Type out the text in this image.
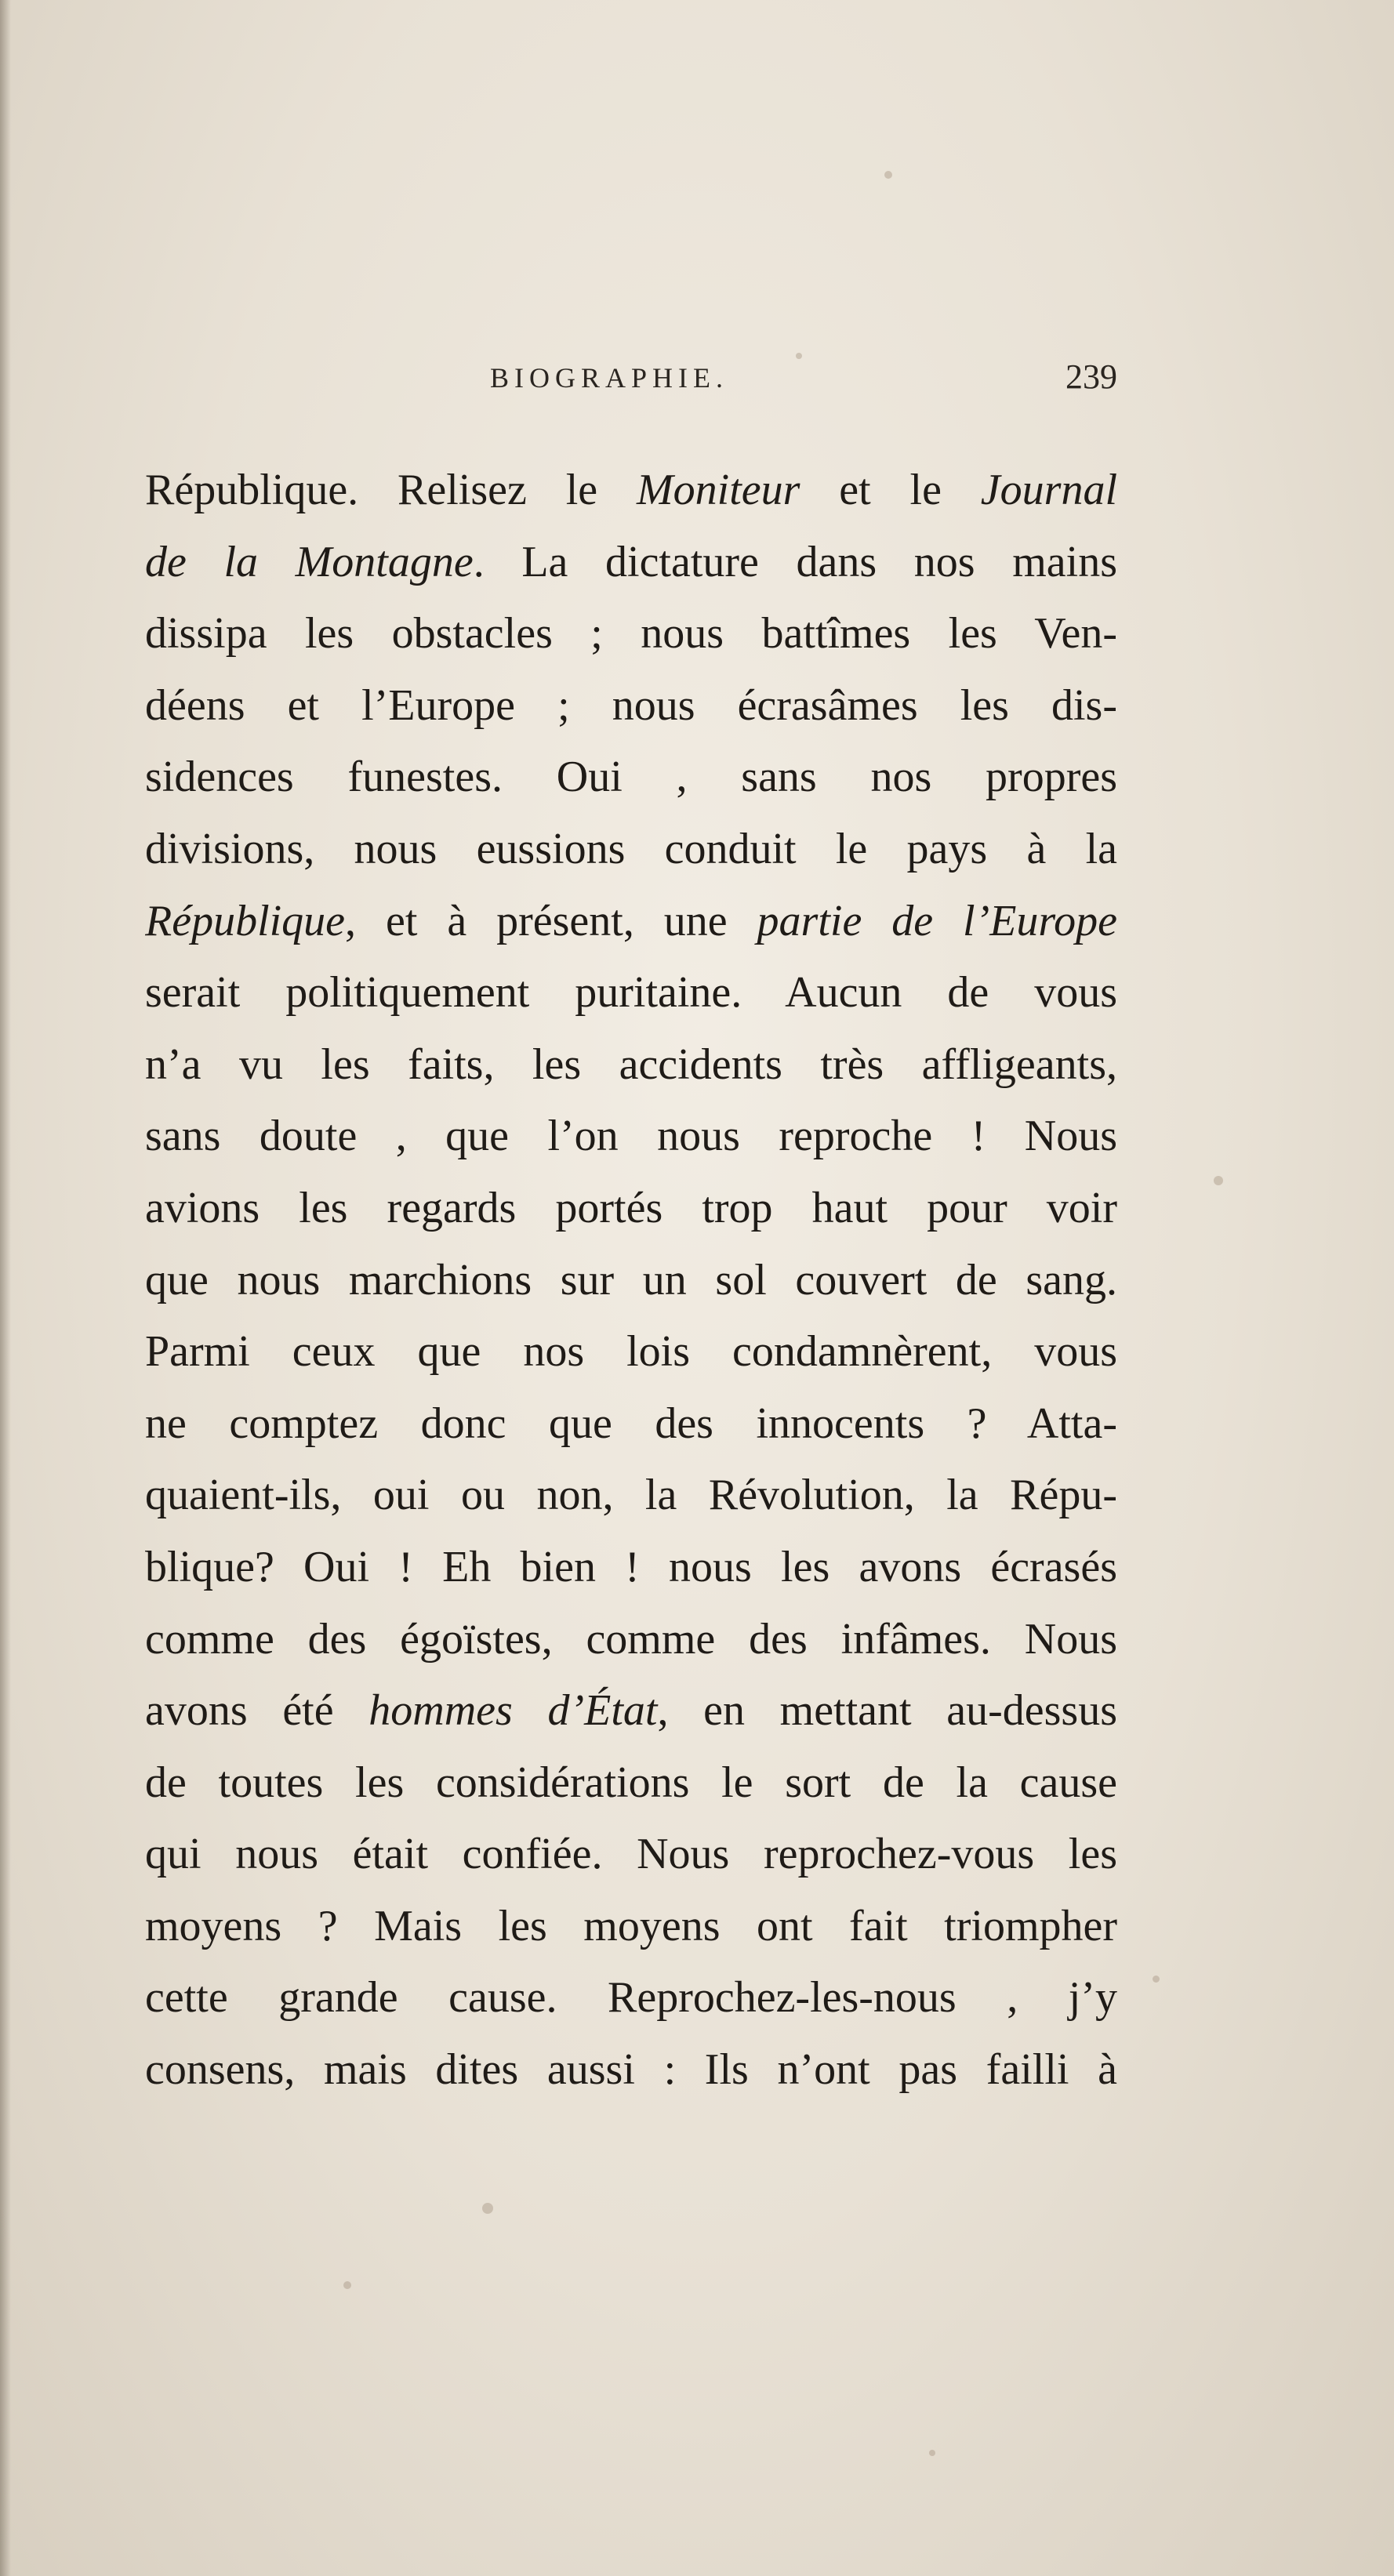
BIOGRAPHIE.	239
République. Relisez le Moniteur et le Journal
de la Montagne. La dictature dans nos mains
dissipa les obstacles ; nous battîmes les Ven-
déens et l’Europe ; nous écrasâmes les dis-
sidences funestes. Oui , sans nos propres
divisions, nous eussions conduit le pays à la
République, et à présent, une partie de l’Europe
serait politiquement puritaine. Aucun de vous
n’a vu les faits, les accidents très affligeants,
sans doute , que l’on nous reproche ! Nous
avions les regards portés trop haut pour voir
que nous marchions sur un sol couvert de sang.
Parmi ceux que nos lois condamnèrent, vous
ne comptez donc que des innocents ? Atta-
quaient-ils, oui ou non, la Révolution, la Répu-
blique? Oui ! Eh bien ! nous les avons écrasés
comme des égoïstes, comme des infâmes. Nous
avons été hommes d’État, en mettant au-dessus
de toutes les considérations le sort de la cause
qui nous était confiée. Nous reprochez-vous les
moyens ? Mais les moyens ont fait triompher
cette grande cause. Reprochez-les-nous , j’y
consens, mais dites aussi : Ils n’ont pas failli à
